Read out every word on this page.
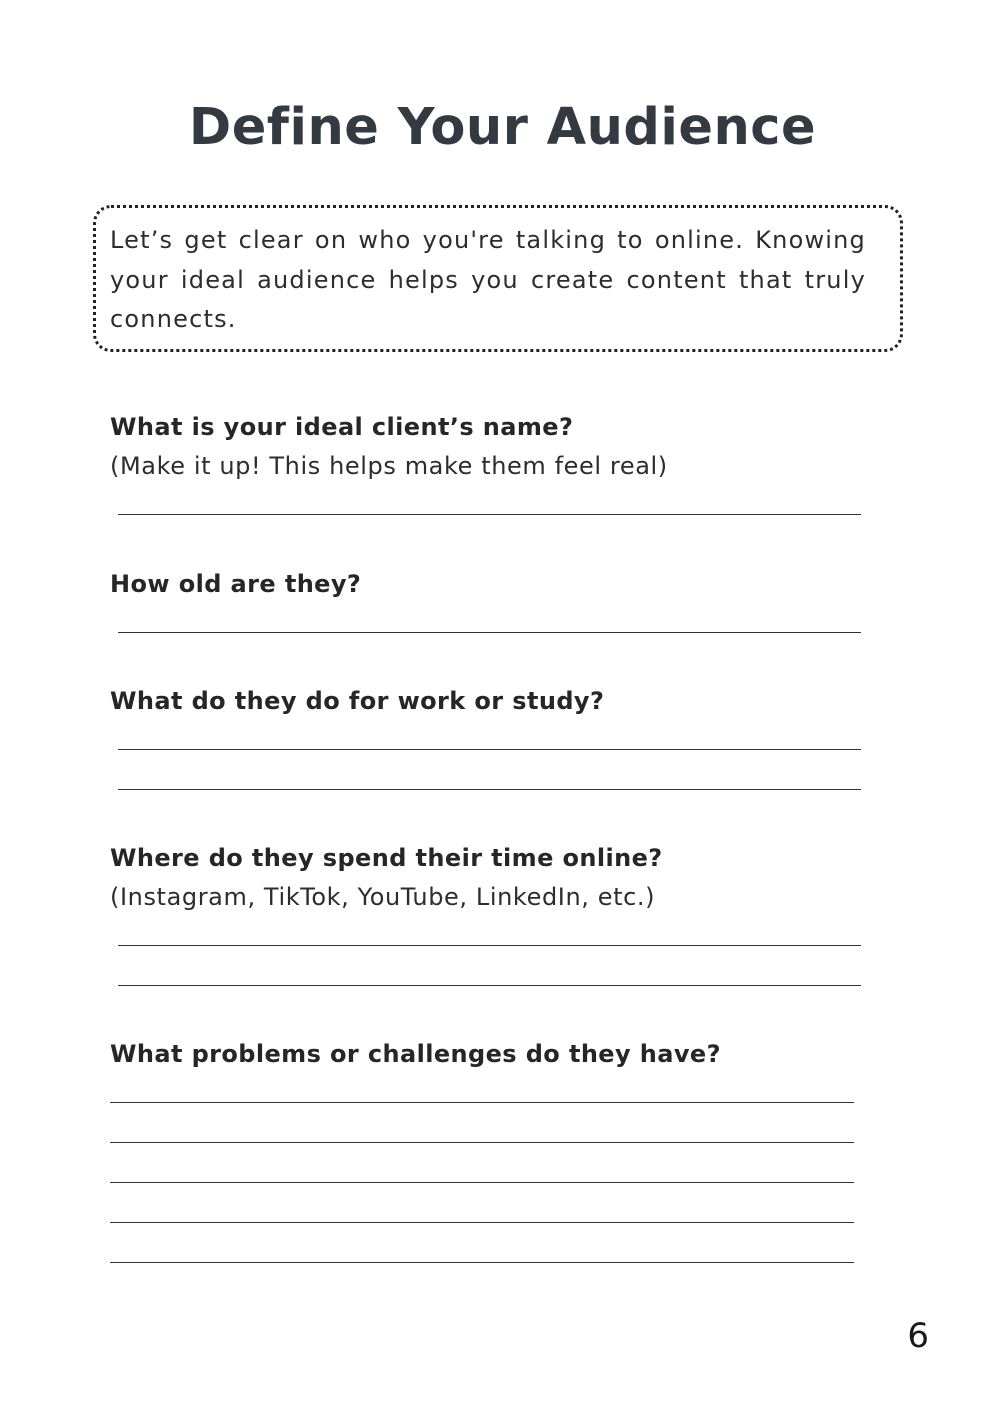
Define Your Audience

Let’s get clear on who you're talking to online. Knowing your ideal audience helps you create content that truly connects.

What is your ideal client’s name?

(Make it up! This helps make them feel real)

How old are they?

What do they do for work or study?

Where do they spend their time online?

(Instagram, TikTok, YouTube, LinkedIn, etc.)

What problems or challenges do they have?

6
